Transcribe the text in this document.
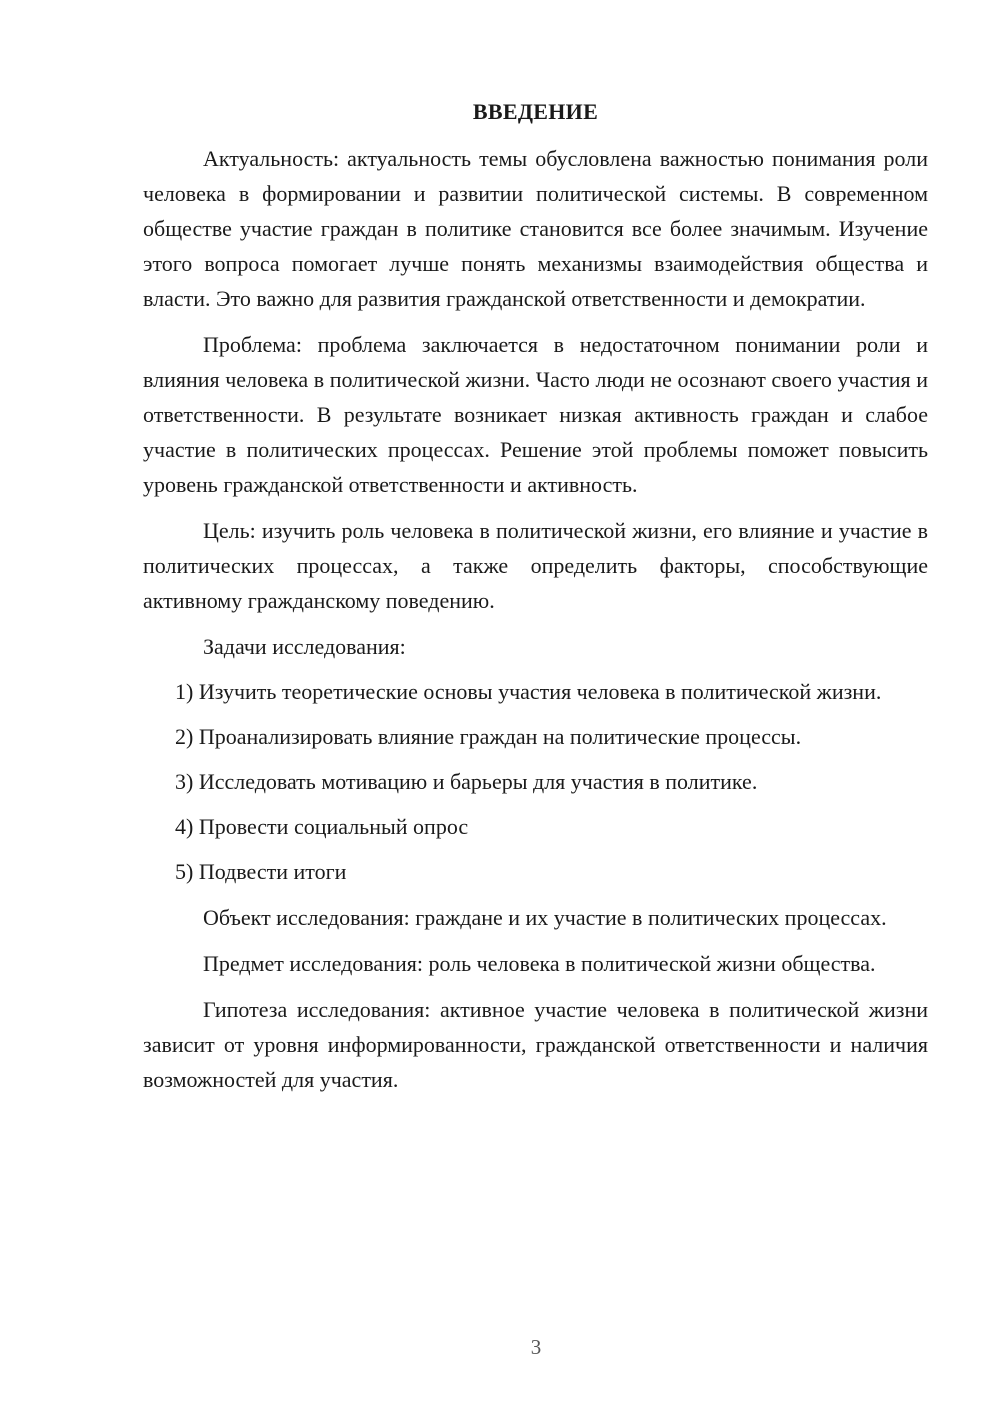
ВВЕДЕНИЕ

Актуальность: актуальность темы обусловлена важностью понимания роли человека в формировании и развитии политической системы. В современном обществе участие граждан в политике становится все более значимым. Изучение этого вопроса помогает лучше понять механизмы взаимодействия общества и власти. Это важно для развития гражданской ответственности и демократии.

Проблема: проблема заключается в недостаточном понимании роли и влияния человека в политической жизни. Часто люди не осознают своего участия и ответственности. В результате возникает низкая активность граждан и слабое участие в политических процессах. Решение этой проблемы поможет повысить уровень гражданской ответственности и активность.

Цель: изучить роль человека в политической жизни, его влияние и участие в политических процессах, а также определить факторы, способствующие активному гражданскому поведению.

Задачи исследования:

1) Изучить теоретические основы участия человека в политической жизни.

2) Проанализировать влияние граждан на политические процессы.

3) Исследовать мотивацию и барьеры для участия в политике.

4) Провести социальный опрос

5) Подвести итоги

Объект исследования: граждане и их участие в политических процессах.

Предмет исследования: роль человека в политической жизни общества.

Гипотеза исследования: активное участие человека в политической жизни зависит от уровня информированности, гражданской ответственности и наличия возможностей для участия.

3
